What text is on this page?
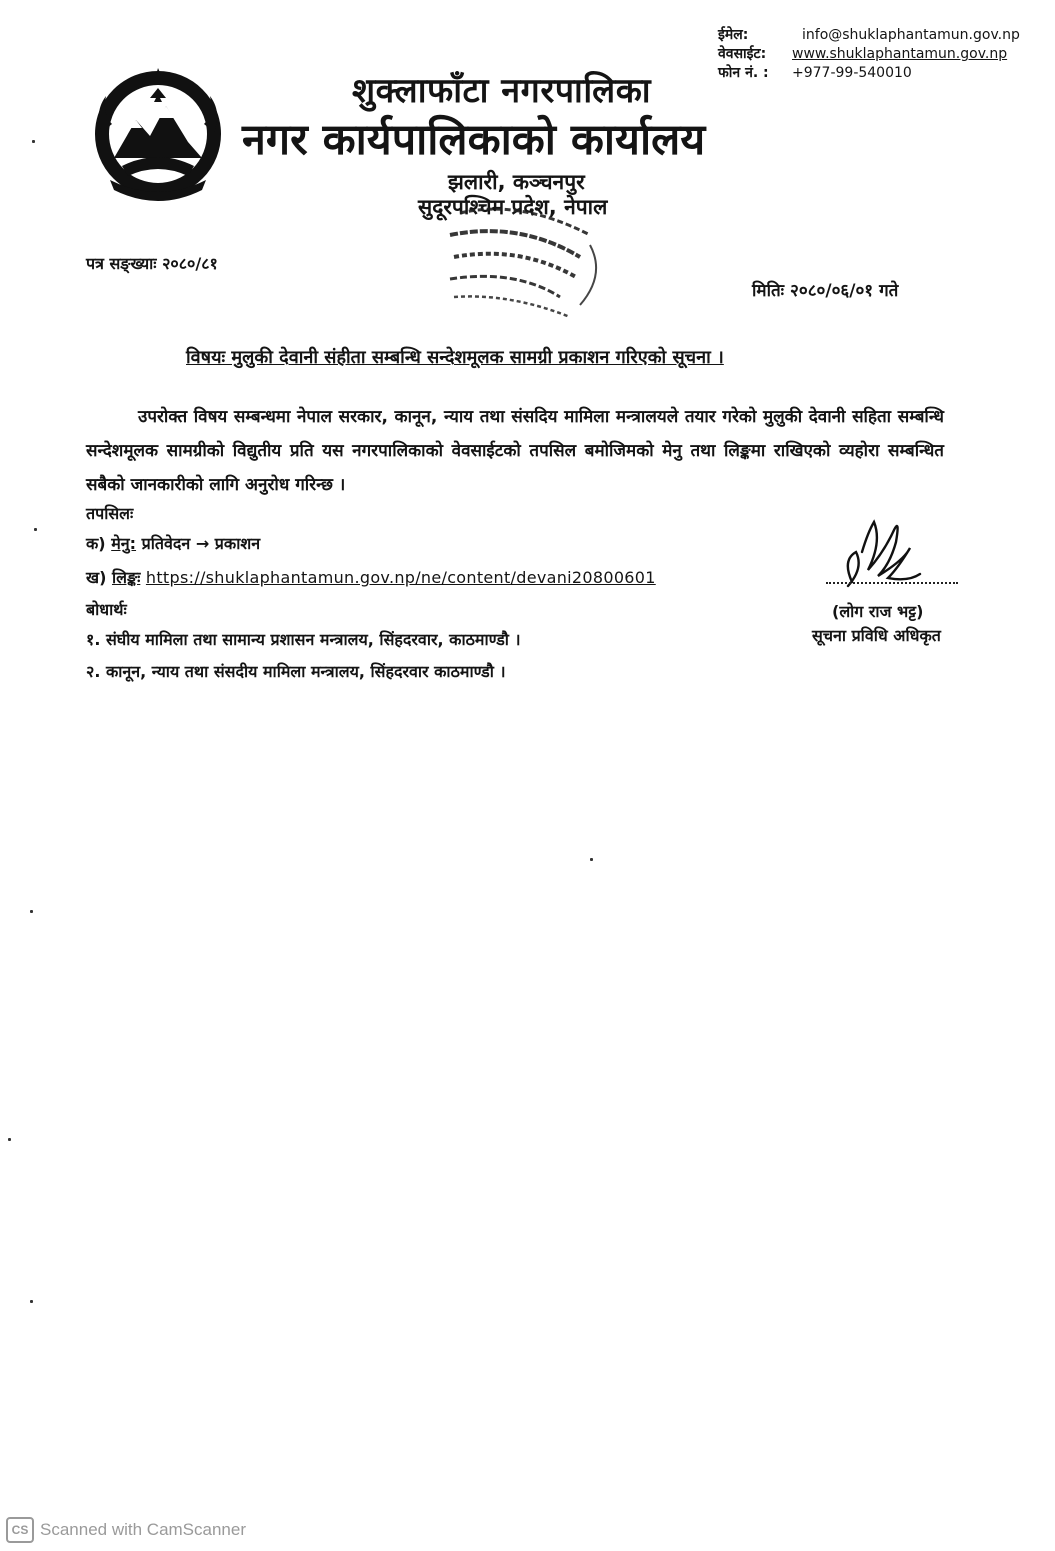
ईमेल:	info@shuklaphantamun.gov.np
वेवसाईट:	www.shuklaphantamun.gov.np
फोन नं. :	+977-99-540010
शुक्लाफाँटा नगरपालिका
नगर कार्यपालिकाको कार्यालय
झलारी, कञ्चनपुर
सुदूरपश्चिम प्रदेश, नेपाल
पत्र सङ्ख्याः २०८०/८१
मितिः २०८०/०६/०१ गते
विषयः मुलुकी देवानी संहीता सम्बन्धि सन्देशमूलक सामग्री प्रकाशन गरिएको सूचना ।

उपरोक्त विषय सम्बन्धमा नेपाल सरकार, कानून, न्याय तथा संसदिय मामिला मन्त्रालयले तयार गरेको मुलुकी देवानी सहिता सम्बन्धि सन्देशमूलक सामग्रीको विद्युतीय प्रति यस नगरपालिकाको वेवसाईटको तपसिल बमोजिमको मेनु तथा लिङ्कमा राखिएको व्यहोरा सम्बन्धित सबैको जानकारीको लागि अनुरोध गरिन्छ ।

तपसिलः
क) मेनु: प्रतिवेदन → प्रकाशन
ख) लिङ्कः https://shuklaphantamun.gov.np/ne/content/devani20800601
बोधार्थः
१. संघीय मामिला तथा सामान्य प्रशासन मन्त्रालय, सिंहदरवार, काठमाण्डौ ।
२. कानून, न्याय तथा संसदीय मामिला मन्त्रालय, सिंहदरवार काठमाण्डौ ।
(लोग राज भट्ट)
सूचना प्रविधि अधिकृत
CS Scanned with CamScanner
